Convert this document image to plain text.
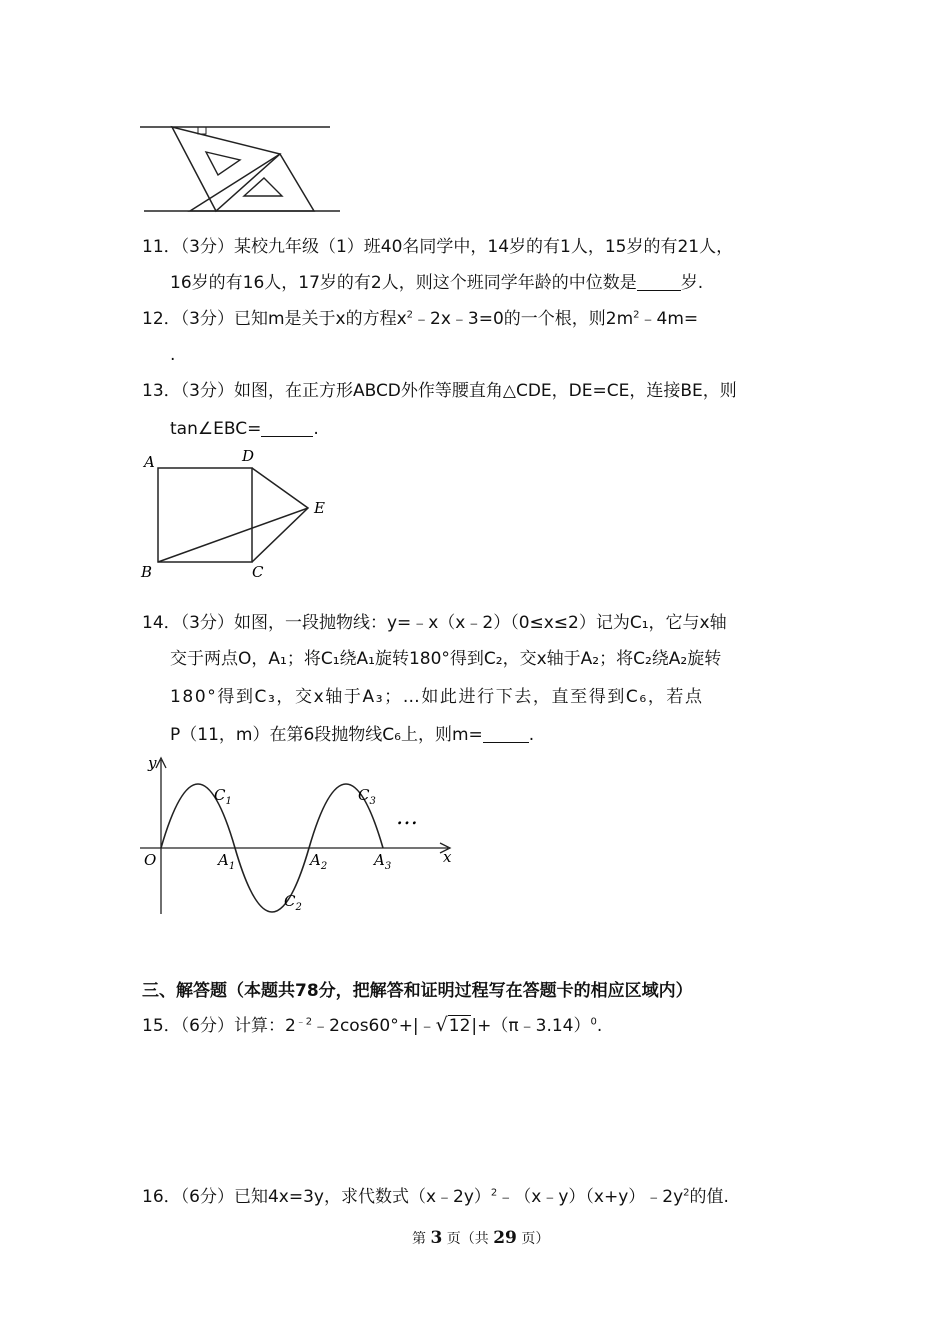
11．（3分）某校九年级（1）班40名同学中，14岁的有1人，15岁的有21人，
16岁的有16人，17岁的有2人，则这个班同学年龄的中位数是	岁.
12．（3分）已知m是关于x的方程$x^2﹣2x﹣3=0$的一个根，则$2m^2﹣4m=$
.
13．（3分）如图，在正方形ABCD外作等腰直角△CDE，DE=CE，连接BE，则
tan∠EBC=	.
A	D
E
B	C
14．（3分）如图，一段抛物线：y=﹣x（x﹣2）（0≤x≤2）记为C₁，它与x轴
交于两点O，A₁；将C₁绕A₁旋转180°得到C₂，交x轴于A₂；将C₂绕A₂旋转
180°得到C₃，交x轴于A₃；…如此进行下去，直至得到C₆，若点
P（11，m）在第6段抛物线C₆上，则m=	.
y
x
O
$C_1$
$C_2$
$C_3$
$A_1$	$A_2$	$A_3$
…
三、解答题（本题共78分，把解答和证明过程写在答题卡的相应区域内）
15．（6分）计算：$2^{﹣2}﹣2\cos 60^\circ+|﹣√12|+(\pi﹣3.14)^0$.
16．（6分）已知4x=3y，求代数式$(x﹣2y)^2﹣(x﹣y)(x+y)﹣2y^2$的值.
第 3 页（共 29 页）
